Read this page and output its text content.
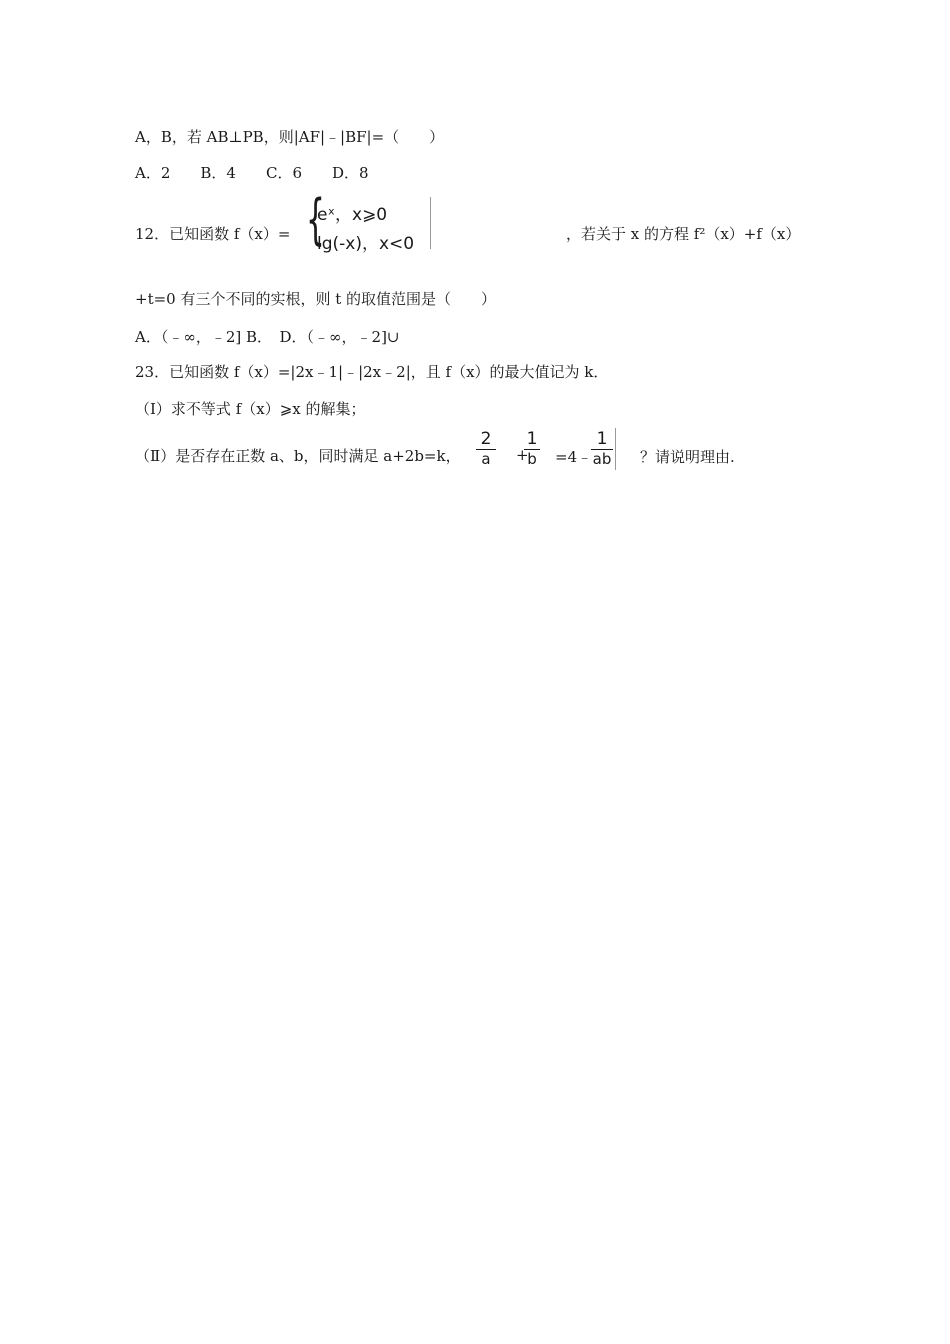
A，B，若 AB⊥PB，则|AF|﹣|BF|=（　　）
A．2 B．4 C．6 D．8
12．已知函数 f（x）= {
eˣ，x⩾0
lg(-x)，x<0	，若关于 x 的方程 f²（x）+f（x）
+t=0 有三个不同的实根，则 t 的取值范围是（　　）
A．（﹣∞，﹣2] B．　D．（﹣∞，﹣2]∪
23．已知函数 f（x）=|2x﹣1|﹣|2x﹣2|，且 f（x）的最大值记为 k．
（Ⅰ）求不等式 f（x）⩾x 的解集；
（Ⅱ）是否存在正数 a、b，同时满足 a+2b=k， $\frac{2}{a}$ +
$\frac{1}{b}$ =4﹣
$\frac{1}{ab}$ ？请说明理由.
